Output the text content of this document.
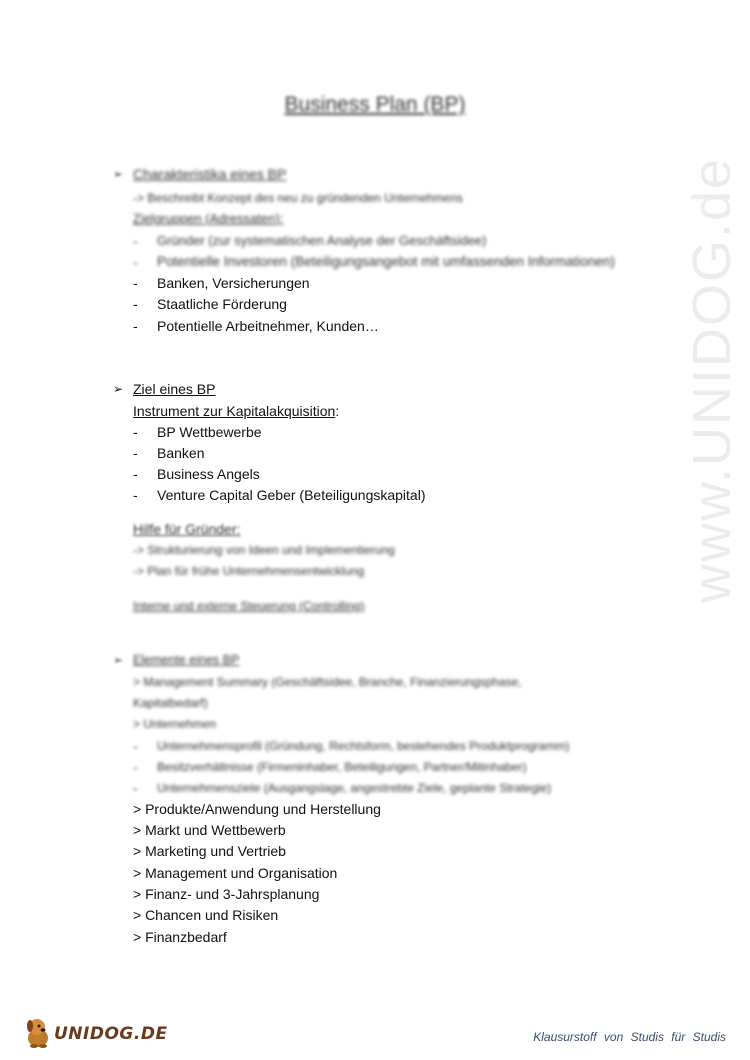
www.UNIDOG.de
Business Plan (BP)
➢ Charakteristika eines BP
-> Beschreibt Konzept des neu zu gründenden Unternehmens
Zielgruppen (Adressaten):
- Gründer (zur systematischen Analyse der Geschäftsidee)
- Potentielle Investoren (Beteiligungsangebot mit umfassenden Informationen)
- Banken, Versicherungen
- Staatliche Förderung
- Potentielle Arbeitnehmer, Kunden…
➢ Ziel eines BP
Instrument zur Kapitalakquisition:
- BP Wettbewerbe
- Banken
- Business Angels
- Venture Capital Geber (Beteiligungskapital)
Hilfe für Gründer:
-> Strukturierung von Ideen und Implementierung
-> Plan für frühe Unternehmensentwicklung
Interne und externe Steuerung (Controlling)
➢ Elemente eines BP
> Management Summary (Geschäftsidee, Branche, Finanzierungsphase,
Kapitalbedarf)
> Unternehmen
- Unternehmensprofil (Gründung, Rechtsform, bestehendes Produktprogramm)
- Besitzverhältnisse (Firmeninhaber, Beteiligungen, Partner/Mitinhaber)
- Unternehmensziele (Ausgangslage, angestrebte Ziele, geplante Strategie)
> Produkte/Anwendung und Herstellung
> Markt und Wettbewerb
> Marketing und Vertrieb
> Management und Organisation
> Finanz- und 3-Jahrsplanung
> Chancen und Risiken
> Finanzbedarf
UNIDOG.DE	Klausurstoff von Studis für Studis
